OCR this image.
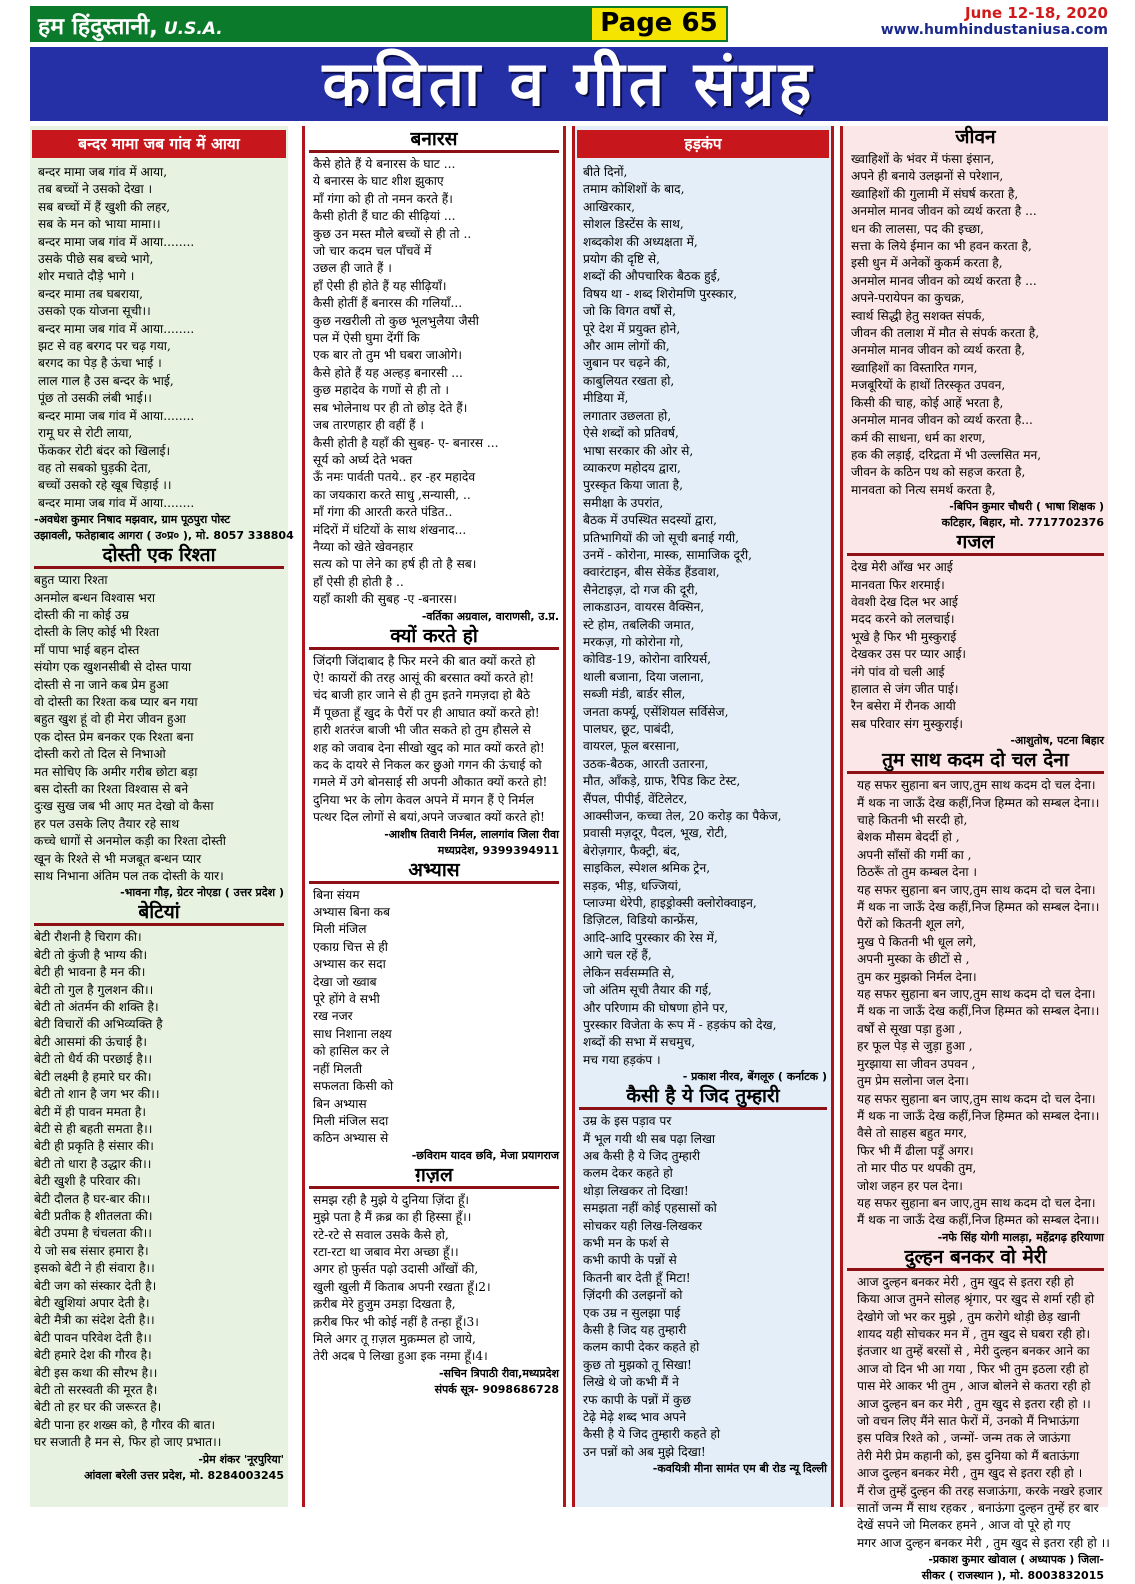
हम हिंदुस्तानी, U.S.A.	Page 65	June 12-18, 2020
www.humhindustaniusa.com
कविता व गीत संग्रह
बन्दर मामा जब गांव में आया
बन्दर मामा जब गांव में आया,
तब बच्चों ने उसको देखा ।
सब बच्चों में हैं खुशी की लहर,
सब के मन को भाया मामा।।
बन्दर मामा जब गांव में आया........
उसके पीछे सब बच्चे भागे,
शोर मचाते दौड़े भागे ।
बन्दर मामा तब घबराया,
उसको एक योजना सूची।।
बन्दर मामा जब गांव में आया........
झट से वह बरगद पर चढ़ गया,
बरगद का पेड़ है ऊंचा भाई ।
लाल गाल है उस बन्दर के भाई,
पूंछ तो उसकी लंबी भाई।।
बन्दर मामा जब गांव में आया........
रामू घर से रोटी लाया,
फेंककर रोटी बंदर को खिलाई।
वह तो सबको घुड़की देता,
बच्चों उसको रहे खूब चिड़ाई ।।
बन्दर मामा जब गांव में आया........
-अवधेश कुमार निषाद मझवार, ग्राम पूठपुरा पोस्ट
उझावली, फतेहाबाद आगरा ( उ०प्र० ), मो. 8057 338804
दोस्ती एक रिश्ता
बहुत प्यारा रिश्ता
अनमोल बन्धन विश्वास भरा
दोस्ती की ना कोई उम्र
दोस्ती के लिए कोई भी रिश्ता
माँ पापा भाई बहन दोस्त
संयोग एक खुशनसीबी से दोस्त पाया
दोस्ती से ना जाने कब प्रेम हुआ
वो दोस्ती का रिश्ता कब प्यार बन गया
बहुत खुश हूं वो ही मेरा जीवन हुआ
एक दोस्त प्रेम बनकर एक रिश्ता बना
दोस्ती करो तो दिल से निभाओ
मत सोचिए कि अमीर गरीब छोटा बड़ा
बस दोस्ती का रिश्ता विश्वास से बने
दुःख सुख जब भी आए मत देखो वो कैसा
हर पल उसके लिए तैयार रहे साथ
कच्चे धागों से अनमोल कड़ी का रिश्ता दोस्ती
खून के रिश्ते से भी मजबूत बन्धन प्यार
साथ निभाना अंतिम पल तक दोस्ती के यार।
-भावना गौड़, ग्रेटर नोएडा ( उत्तर प्रदेश )
बेटियां
बेटी रौशनी है चिराग की।
बेटी तो कुंजी है भाग्य की।
बेटी ही भावना है मन की।
बेटी तो गुल है गुलशन की।।
बेटी तो अंतर्मन की शक्ति है।
बेटी विचारों की अभिव्यक्ति है
बेटी आसमां की ऊंचाई है।
बेटी तो धैर्य की परछाई है।।
बेटी लक्ष्मी है हमारे घर की।
बेटी तो शान है जग भर की।।
बेटी में ही पावन ममता है।
बेटी से ही बहती समता है।।
बेटी ही प्रकृति है संसार की।
बेटी तो धारा है उद्धार की।।
बेटी खुशी है परिवार की।
बेटी दौलत है घर-बार की।।
बेटी प्रतीक है शीतलता की।
बेटी उपमा है चंचलता की।।
ये जो सब संसार हमारा है।
इसको बेटी ने ही संवारा है।।
बेटी जग को संस्कार देती है।
बेटी खुशियां अपार देती है।
बेटी मैत्री का संदेश देती है।।
बेटी पावन परिवेश देती है।।
बेटी हमारे देश की गौरव है।
बेटी इस कथा की सौरभ है।।
बेटी तो सरस्वती की मूरत है।
बेटी तो हर घर की जरूरत है।
बेटी पाना हर शख्स को, है गौरव की बात।
घर सजाती है मन से, फिर हो जाए प्रभात।।
-प्रेम शंकर 'नूरपुरिया'
आंवला बरेली उत्तर प्रदेश, मो. 8284003245
बनारस
कैसे होते हैं ये बनारस के घाट ...
ये बनारस के घाट शीश झुकाए
माँ गंगा को ही तो नमन करते हैं।
कैसी होती हैं घाट की सीढ़ियां ...
कुछ उन मस्त मौले बच्चों से ही तो ..
जो चार कदम चल पाँचवें में
उछल ही जाते हैं ।
हाँ ऐसी ही होते हैं यह सीढ़ियाँ।
कैसी होतीं हैं बनारस की गलियाँ...
कुछ नखरीली तो कुछ भूलभुलैया जैसी
पल में ऐसी घुमा देंगीं कि
एक बार तो तुम भी घबरा जाओगे।
कैसे होते हैं यह अल्हड़ बनारसी ...
कुछ महादेव के गणों से ही तो ।
सब भोलेनाथ पर ही तो छोड़ देते हैं।
जब तारणहार ही वहीं हैं ।
कैसी होती है यहाँ की सुबह- ए- बनारस ...
सूर्य को अर्घ्य देते भक्त
ऊँ नमः पार्वती पतये.. हर -हर महादेव
का जयकारा करते साधु ,सन्यासी, ..
माँ गंगा की आरती करते पंडित..
मंदिरों में घंटियों के साथ शंखनाद...
नैय्या को खेते खेवनहार
सत्य को पा लेने का हर्ष ही तो है सब।
हाँ ऐसी ही होती है ..
यहाँ काशी की सुबह -ए -बनारस।
-वर्तिका अग्रवाल, वाराणसी, उ.प्र.
क्यों करते हो
जिंदगी जिंदाबाद है फिर मरने की बात क्यों करते हो
ऐ! कायरों की तरह आसूं की बरसात क्यों करते हो!
चंद बाजी हार जाने से ही तुम इतने गमज़दा हो बैठे
मैं पूछता हूँ खुद के पैरों पर ही आघात क्यों करते हो!
हारी शतरंज बाजी भी जीत सकते हो तुम हौसले से
शह को जवाब देना सीखो खुद को मात क्यों करते हो!
कद के दायरे से निकल कर छुओ गगन की ऊंचाई को
गमले में उगे बोनसाई सी अपनी औकात क्यों करते हो!
दुनिया भर के लोग केवल अपने में मगन हैं ऐ निर्मल
पत्थर दिल लोगों से बयां,अपने जज्बात क्यों करते हो!
-आशीष तिवारी निर्मल, लालगांव जिला रीवा
मध्यप्रदेश, 9399394911
अभ्यास
बिना संयम
अभ्यास बिना कब
मिली मंजिल
एकाग्र चित्त से ही
अभ्यास कर सदा
देखा जो ख्वाब
पूरे होंगे वे सभी
रख नजर
साध निशाना लक्ष्य
को हासिल कर ले
नहीं मिलती
सफलता किसी को
बिन अभ्यास
मिली मंजिल सदा
कठिन अभ्यास से
-छविराम यादव छवि, मेजा प्रयागराज
ग़ज़ल
समझ रही है मुझे ये दुनिया ज़िंदा हूँ।
मुझे पता है मैं क़ब्र का ही हिस्सा हूँ।।
रटे-रटे से सवाल उसके कैसे हो,
रटा-रटा था जबाव मेरा अच्छा हूँ।।
अगर हो फ़ुर्सत पढ़ो उदासी आँखों की,
खुली खुली मैं किताब अपनी रखता हूँ।2।
क़रीब मेरे हुजुम उमड़ा दिखता है,
क़रीब फिर भी कोई नहीं है तन्हा हूँ।3।
मिले अगर तू ग़ज़ल मुक़म्मल हो जाये,
तेरी अदब पे लिखा हुआ इक नग़्मा हूँ।4।
-सचिन त्रिपाठी रीवा,मध्यप्रदेश
संपर्क सूत्र- 9098686728
हड़कंप
बीते दिनों,
तमाम कोशिशों के बाद,
आखिरकार,
सोशल डिस्टेंस के साथ,
शब्दकोश की अध्यक्षता में,
प्रयोग की दृष्टि से,
शब्दों की औपचारिक बैठक हुई,
विषय था - शब्द शिरोमणि पुरस्कार,
जो कि विगत वर्षों से,
पूरे देश में प्रयुक्त होने,
और आम लोगों की,
जुबान पर चढ़ने की,
काबुलियत रखता हो,
मीडिया में,
लगातार उछलता हो,
ऐसे शब्दों को प्रतिवर्ष,
भाषा सरकार की ओर से,
व्याकरण महोदय द्वारा,
पुरस्कृत किया जाता है,
समीक्षा के उपरांत,
बैठक में उपस्थित सदस्यों द्वारा,
प्रतिभागियों की जो सूची बनाई गयी,
उनमें - कोरोना, मास्क, सामाजिक दूरी,
क्वारंटाइन, बीस सेकेंड हैंडवाश,
सैनेटाइज़, दो गज की दूरी,
लाकडाउन, वायरस वैक्सिन,
स्टे होम, तबलिकी जमात,
मरकज़, गो कोरोना गो,
कोविड-19, कोरोना वारियर्स,
थाली बजाना, दिया जलाना,
सब्जी मंडी, बार्डर सील,
जनता कर्फ्यू, एसेंशियल सर्विसेज,
पालघर, छूट, पाबंदी,
वायरल, फूल बरसाना,
उठक-बैठक, आरती उतारना,
मौत, आँकड़े, ग्राफ, रैपिड किट टेस्ट,
सैंपल, पीपीई, वेंटिलेटर,
आक्सीजन, कच्चा तेल, 20 करोड़ का पैकेज,
प्रवासी मज़दूर, पैदल, भूख, रोटी,
बेरोज़गार, फैक्ट्री, बंद,
साइकिल, स्पेशल श्रमिक ट्रेन,
सड़क, भीड़, धज्जियां,
प्लाज्मा थेरेपी, हाइड्रोक्सी क्लोरोक्वाइन,
डिज़िटल, विडियो कान्फ्रेंस,
आदि-आदि पुरस्कार की रेस में,
आगे चल रहें हैं,
लेकिन सर्वसम्मति से,
जो अंतिम सूची तैयार की गई,
और परिणाम की घोषणा होने पर,
पुरस्कार विजेता के रूप में - हड़कंप को देख,
शब्दों की सभा में सचमुच,
मच गया हड़कंप ।
- प्रकाश नीरव, बेंगलूरु ( कर्नाटक )
कैसी है ये जिद तुम्हारी
उम्र के इस पड़ाव पर
मैं भूल गयी थी सब पढ़ा लिखा
अब कैसी है ये जिद तुम्हारी
कलम देकर कहते हो
थोड़ा लिखकर तो दिखा!
समझता नहीं कोई एहसासों को
सोचकर यही लिख-लिखकर
कभी मन के फर्श से
कभी कापी के पन्नों से
कितनी बार देती हूँ मिटा!
ज़िंदगी की उलझनों को
एक उम्र न सुलझा पाई
कैसी है जिद यह तुम्हारी
कलम कापी देकर कहते हो
कुछ तो मुझको तू सिखा!
लिखे थे जो कभी मैं ने
रफ कापी के पन्नों में कुछ
टेढ़े मेढ़े शब्द भाव अपने
कैसी है ये जिद तुम्हारी कहते हो
उन पन्नों को अब मुझे दिखा!
-कवयित्री मीना सामंत एम बी रोड न्यू दिल्ली
जीवन
ख्वाहिशों के भंवर में फंसा इंसान,
अपने ही बनाये उलझनों से परेशान,
ख्वाहिशों की गुलामी में संघर्ष करता है,
अनमोल मानव जीवन को व्यर्थ करता है ...
धन की लालसा, पद की इच्छा,
सत्ता के लिये ईमान का भी हवन करता है,
इसी धुन में अनेकों कुकर्म करता है,
अनमोल मानव जीवन को व्यर्थ करता है ...
अपने-परायेपन का कुचक्र,
स्वार्थ सिद्धी हेतु सशक्त संपर्क,
जीवन की तलाश में मौत से संपर्क करता है,
अनमोल मानव जीवन को व्यर्थ करता है,
ख्वाहिशों का विस्तारित गगन,
मजबूरियों के हाथों तिरस्कृत उपवन,
किसी की चाह, कोई आहें भरता है,
अनमोल मानव जीवन को व्यर्थ करता है...
कर्म की साधना, धर्म का शरण,
हक की लड़ाई, दरिद्रता में भी उल्लसित मन,
जीवन के कठिन पथ को सहज करता है,
मानवता को नित्य समर्थ करता है,
-बिपिन कुमार चौधरी ( भाषा शिक्षक )
कटिहार, बिहार, मो. 7717702376
गजल
देख मेरी आँख भर आई
मानवता फिर शरमाई।
वेवशी देख दिल भर आई
मदद करने को ललचाई।
भूखे है फिर भी मुस्कुराई
देखकर उस पर प्यार आई।
नंगे पांव वो चली आई
हालात से जंग जीत पाई।
रैन बसेरा में रौनक आयी
सब परिवार संग मुस्कुराई।
-आशुतोष, पटना बिहार
तुम साथ कदम दो चल देना
यह सफर सुहाना बन जाए,तुम साथ कदम दो चल देना।
मैं थक ना जाऊँ देख कहीं,निज हिम्मत को सम्बल देना।।
चाहे कितनी भी सरदी हो,
बेशक मौसम बेदर्दी हो ,
अपनी साँसों की गर्मी का ,
ठिठरूँ तो तुम कम्बल देना ।
यह सफर सुहाना बन जाए,तुम साथ कदम दो चल देना।
मैं थक ना जाऊँ देख कहीं,निज हिम्मत को सम्बल देना।।
पैरों को कितनी शूल लगे,
मुख पे कितनी भी धूल लगे,
अपनी मुस्का के छीटों से ,
तुम कर मुझको निर्मल देना।
यह सफर सुहाना बन जाए,तुम साथ कदम दो चल देना।
मैं थक ना जाऊँ देख कहीं,निज हिम्मत को सम्बल देना।।
वर्षों से सूखा पड़ा हुआ ,
हर फूल पेड़ से जुड़ा हुआ ,
मुरझाया सा जीवन उपवन ,
तुम प्रेम सलोना जल देना।
यह सफर सुहाना बन जाए,तुम साथ कदम दो चल देना।
मैं थक ना जाऊँ देख कहीं,निज हिम्मत को सम्बल देना।।
वैसे तो साहस बहुत मगर,
फिर भी मैं ढीला पड़ूँ अगर।
तो मार पीठ पर थपकी तुम,
जोश जहन हर पल देना।
यह सफर सुहाना बन जाए,तुम साथ कदम दो चल देना।
मैं थक ना जाऊँ देख कहीं,निज हिम्मत को सम्बल देना।।
-नफे सिंह योगी मालड़ा, महेंद्रगढ़ हरियाणा
दुल्हन बनकर वो मेरी
आज दुल्हन बनकर मेरी , तुम खुद से इतरा रही हो
किया आज तुमने सोलह श्रृंगार, पर खुद से शर्मा रही हो
देखोगे जो भर कर मुझे , तुम करोगे थोड़ी छेड़ खानी
शायद यही सोचकर मन में , तुम खुद से घबरा रही हो।
इंतजार था तुम्हें बरसों से , मेरी दुल्हन बनकर आने का
आज वो दिन भी आ गया , फिर भी तुम इठला रही हो
पास मेरे आकर भी तुम , आज बोलने से कतरा रही हो
आज दुल्हन बन कर मेरी , तुम खुद से इतरा रही हो ।।
जो वचन लिए मैंने सात फेरों में, उनको मैं निभाऊंगा
इस पवित्र रिश्ते को , जन्मों- जन्म तक ले जाऊंगा
तेरी मेरी प्रेम कहानी को, इस दुनिया को मैं बताऊंगा
आज दुल्हन बनकर मेरी , तुम खुद से इतरा रही हो ।
मैं रोज तुम्हें दुल्हन की तरह सजाऊंगा, करके नखरे हजार
सातों जन्म मैं साथ रहकर , बनाऊंगा दुल्हन तुम्हें हर बार
देखें सपने जो मिलकर हमने , आज वो पूरे हो गए
मगर आज दुल्हन बनकर मेरी , तुम खुद से इतरा रही हो ।।
-प्रकाश कुमार खोवाल ( अध्यापक ) जिला-
सीकर ( राजस्थान ), मो. 8003832015
